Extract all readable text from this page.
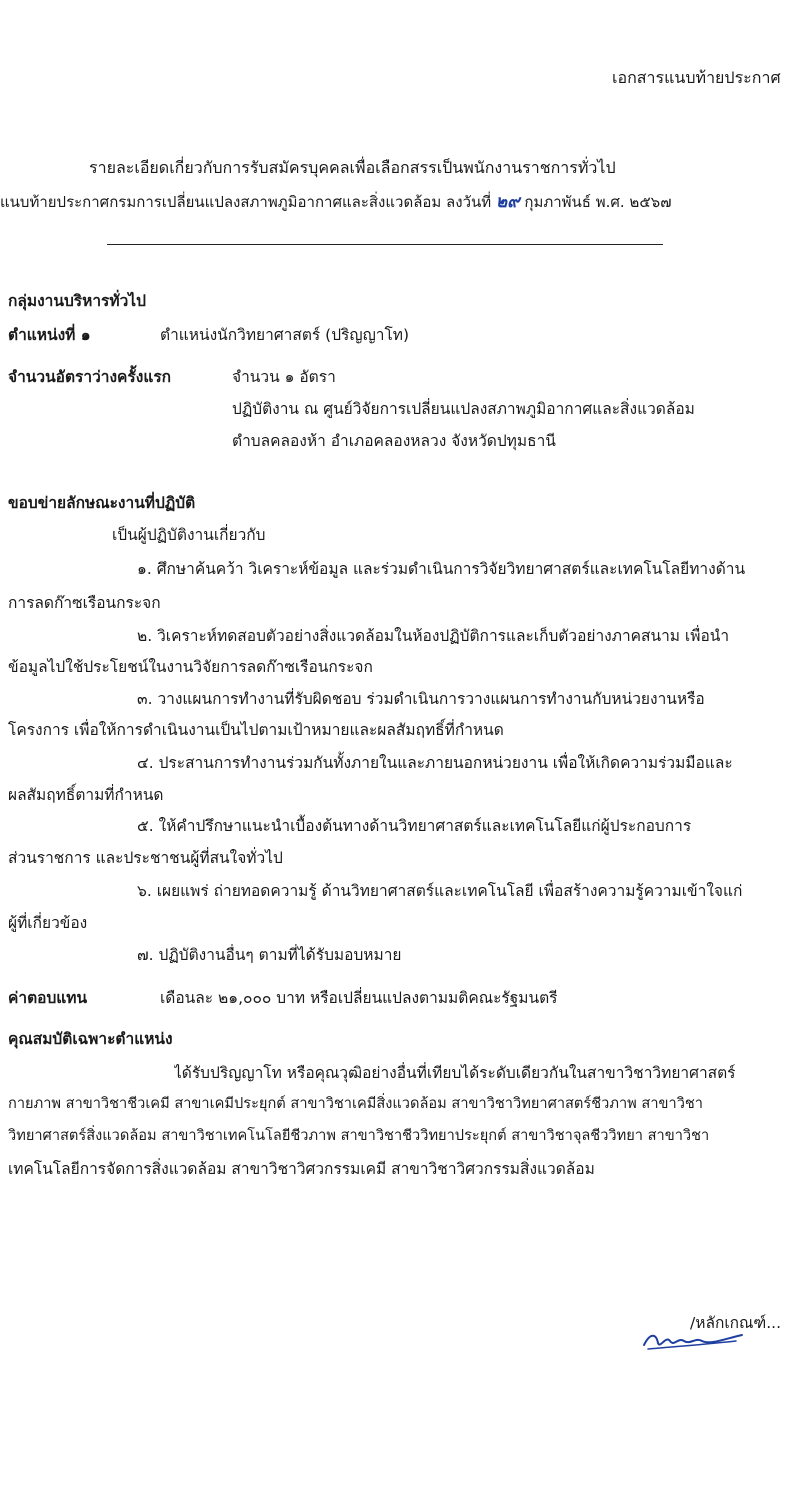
เอกสารแนบท้ายประกาศ
รายละเอียดเกี่ยวกับการรับสมัครบุคคลเพื่อเลือกสรรเป็นพนักงานราชการทั่วไป
แนบท้ายประกาศกรมการเปลี่ยนแปลงสภาพภูมิอากาศและสิ่งแวดล้อม ลงวันที่ ๒๙ กุมภาพันธ์ พ.ศ. ๒๕๖๗
กลุ่มงานบริหารทั่วไป
ตำแหน่งที่ ๑	ตำแหน่งนักวิทยาศาสตร์ (ปริญญาโท)
จำนวนอัตราว่างครั้งแรก	จำนวน ๑ อัตรา
ปฏิบัติงาน ณ ศูนย์วิจัยการเปลี่ยนแปลงสภาพภูมิอากาศและสิ่งแวดล้อม
ตำบลคลองห้า อำเภอคลองหลวง จังหวัดปทุมธานี
ขอบข่ายลักษณะงานที่ปฏิบัติ
เป็นผู้ปฏิบัติงานเกี่ยวกับ
๑. ศึกษาค้นคว้า วิเคราะห์ข้อมูล และร่วมดำเนินการวิจัยวิทยาศาสตร์และเทคโนโลยีทางด้าน
การลดก๊าซเรือนกระจก
๒. วิเคราะห์ทดสอบตัวอย่างสิ่งแวดล้อมในห้องปฏิบัติการและเก็บตัวอย่างภาคสนาม เพื่อนำ
ข้อมูลไปใช้ประโยชน์ในงานวิจัยการลดก๊าซเรือนกระจก
๓. วางแผนการทำงานที่รับผิดชอบ ร่วมดำเนินการวางแผนการทำงานกับหน่วยงานหรือ
โครงการ เพื่อให้การดำเนินงานเป็นไปตามเป้าหมายและผลสัมฤทธิ์ที่กำหนด
๔. ประสานการทำงานร่วมกันทั้งภายในและภายนอกหน่วยงาน เพื่อให้เกิดความร่วมมือและ
ผลสัมฤทธิ์ตามที่กำหนด
๕. ให้คำปรึกษาแนะนำเบื้องต้นทางด้านวิทยาศาสตร์และเทคโนโลยีแก่ผู้ประกอบการ
ส่วนราชการ และประชาชนผู้ที่สนใจทั่วไป
๖. เผยแพร่ ถ่ายทอดความรู้ ด้านวิทยาศาสตร์และเทคโนโลยี เพื่อสร้างความรู้ความเข้าใจแก่
ผู้ที่เกี่ยวข้อง
๗. ปฏิบัติงานอื่นๆ ตามที่ได้รับมอบหมาย
ค่าตอบแทน	เดือนละ ๒๑,๐๐๐ บาท หรือเปลี่ยนแปลงตามมติคณะรัฐมนตรี
คุณสมบัติเฉพาะตำแหน่ง
ได้รับปริญญาโท หรือคุณวุฒิอย่างอื่นที่เทียบได้ระดับเดียวกันในสาขาวิชาวิทยาศาสตร์
กายภาพ สาขาวิชาชีวเคมี สาขาเคมีประยุกต์ สาขาวิชาเคมีสิ่งแวดล้อม สาขาวิชาวิทยาศาสตร์ชีวภาพ สาขาวิชา
วิทยาศาสตร์สิ่งแวดล้อม สาขาวิชาเทคโนโลยีชีวภาพ สาขาวิชาชีววิทยาประยุกต์ สาขาวิชาจุลชีววิทยา สาขาวิชา
เทคโนโลยีการจัดการสิ่งแวดล้อม สาขาวิชาวิศวกรรมเคมี สาขาวิชาวิศวกรรมสิ่งแวดล้อม
/หลักเกณฑ์...
